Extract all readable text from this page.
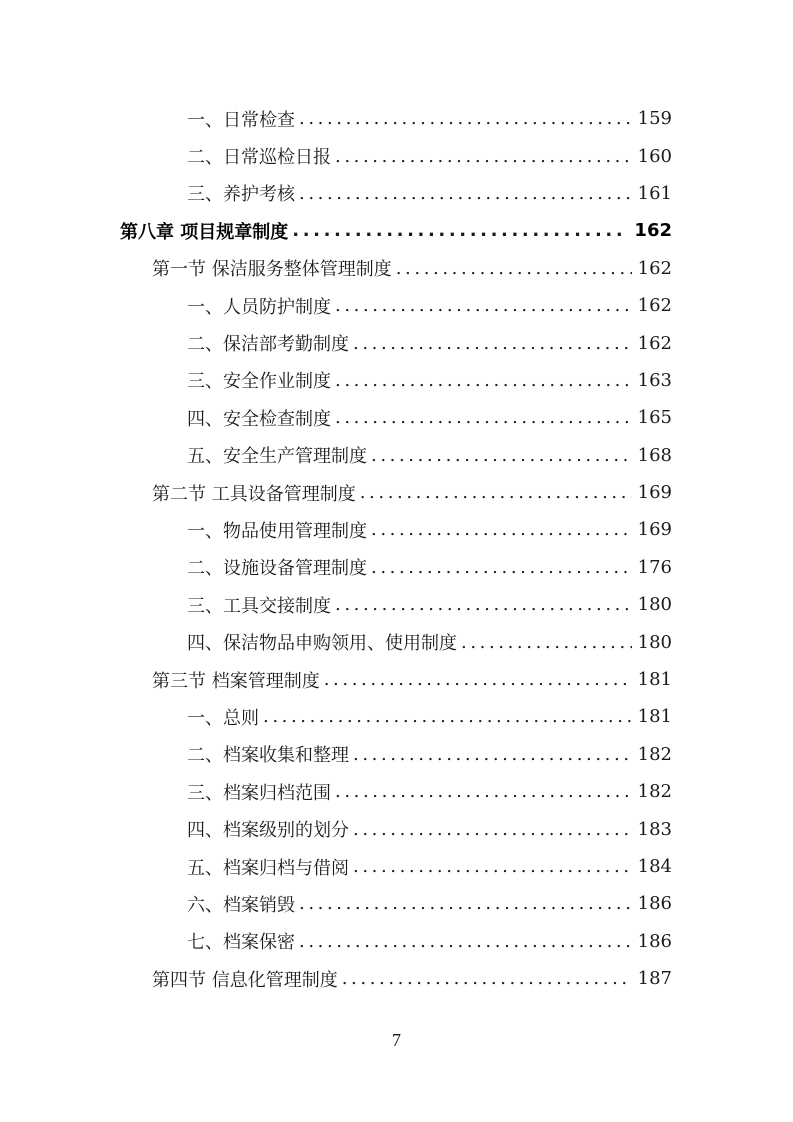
一、日常检查 .....	159
二、日常巡检日报 .....	160
三、养护考核 .....	161
第八章 项目规章制度 .....	162
第一节 保洁服务整体管理制度 .....	162
一、人员防护制度 .....	162
二、保洁部考勤制度 .....	162
三、安全作业制度 .....	163
四、安全检查制度 .....	165
五、安全生产管理制度 .....	168
第二节 工具设备管理制度 .....	169
一、物品使用管理制度 .....	169
二、设施设备管理制度 .....	176
三、工具交接制度 .....	180
四、保洁物品申购领用、使用制度 .....	180
第三节 档案管理制度 .....	181
一、总则 .....	181
二、档案收集和整理 .....	182
三、档案归档范围 .....	182
四、档案级别的划分 .....	183
五、档案归档与借阅 .....	184
六、档案销毁 .....	186
七、档案保密 .....	186
第四节 信息化管理制度 .....	187
7
